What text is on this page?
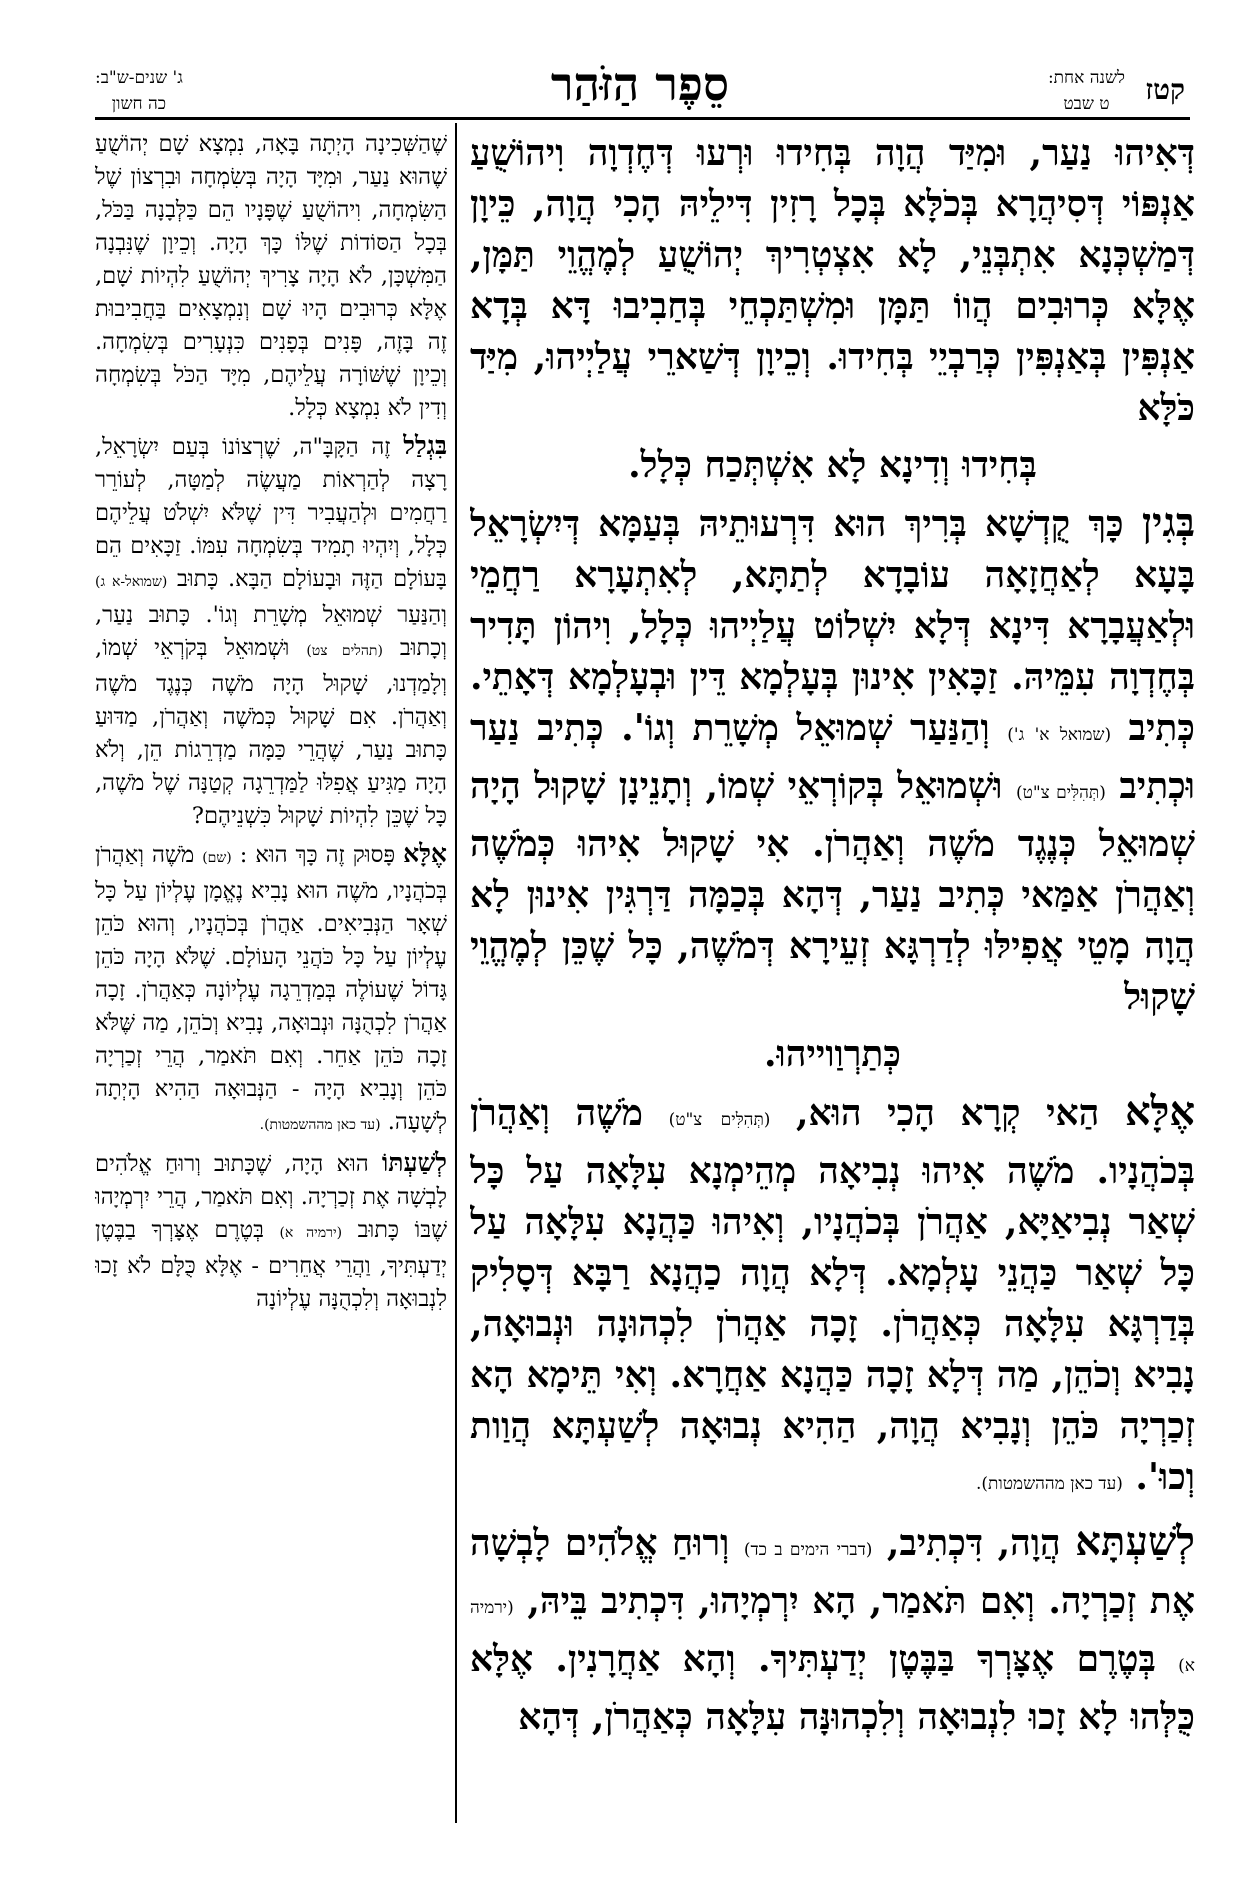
קטז
לשנה אחת:
ט שבט
סֵפֶר הַזֹּהַר
ג' שנים-ש"ב:
כה חשון

דְּאִיהוּ נַעַר, וּמִיַּד הֲוָה בְּחִידוּ וּרְעוּ דְּחֶדְוָה וִיהוֹשֻׁעַ אַנְפּוֹי דְּסִיהֲרָא בְּכֹלָּא בְּכָל רָזִין דִּילֵיהּ הָכִי הֲוָה, כֵּיוָן דְּמַשְׁכְּנָא אִתְבְּנֵי, לָא אִצְטְרִיךְ יְהוֹשֻׁעַ לְמֶהֱוֵי תַּמָּן, אֶלָּא כְּרוּבִים הֲווֹ תַּמָּן וּמִשְׁתַּכְחֵי בְּחַבִיבוּ דָּא בְּדָא אַנְפִּין בְּאַנְפִּין כְּרַבְיֵי בְּחִידוּ. וְכֵיוָן דְּשַׁארֵי עֲלַיְיהוּ, מִיַּד כֹּלָּא

בְּחִידוּ וְדִינָא לָא אִשְׁתְּכַח כְּלָל.

בְּגִין כָּךְ קֻדְשָׁא בְּרִיךְ הוּא דִּרְעוּתֵיהּ בְּעַמָּא דְּיִשְׂרָאֵל בָּעָא לְאַחֲזָאָה עוֹבָדָא לְתַתָּא, לְאִתְעָרָא רַחֲמֵי וּלְאַעֲבָרָא דִּינָא דְּלָא יִשְׁלוֹט עֲלַיְיהוּ כְּלָל, וִיהוֹן תָּדִיר בְּחֶדְוָה עִמֵּיהּ. זַכָּאִין אִינוּן בְּעָלְמָא דֵּין וּבְעָלְמָא דְּאָתֵי. כְּתִיב (שמואל א' ג') וְהַנַּעַר שְׁמוּאֵל מְשָׁרֵת וְגוֹ'. כְּתִיב נַעַר וּכְתִיב (תְּהִלִּים צ"ט) וּשְׁמוּאֵל בְּקוֹרְאֵי שְׁמוֹ, וְתָנֵינָן שָׁקוּל הָיָה שְׁמוּאֵל כְּנֶגֶד מֹשֶׁה וְאַהֲרֹן. אִי שָׁקוּל אִיהוּ כְּמֹשֶׁה וְאַהֲרֹן אַמַּאי כְּתִיב נַעַר, דְּהָא בְּכַמָּה דַּרְגִּין אִינוּן לָא הֲוָה מָטֵי אֲפִילּוּ לְדַרְגָּא זְעֵירָא דְּמֹשֶׁה, כָּל שֶׁכֵּן לְמֶהֱוֵי שָׁקוּל

כְּתַרְוַוייהוּ.

אֶלָּא הַאי קְרָא הָכִי הוּא, (תְּהִלִּים צ"ט) מֹשֶׁה וְאַהֲרֹן בְּכֹהֲנָיו. מֹשֶׁה אִיהוּ נְבִיאָה מְהֵימְנָא עִלָּאָה עַל כָּל שְׁאַר נְבִיאַיָּא, אַהֲרֹן בְּכֹהֲנָיו, וְאִיהוּ כַּהֲנָא עִלָּאָה עַל כָּל שְׁאַר כַּהֲנֵי עָלְמָא. דְּלָא הֲוָה כַהֲנָא רַבָּא דְּסָלִיק בְּדַרְגָּא עִלָּאָה כְּאַהֲרֹן. זָכָה אַהֲרֹן לִכְהוּנָה וּנְבוּאָה, נָבִיא וְכֹהֵן, מַה דְּלָא זָכָה כַּהֲנָא אַחֲרָא. וְאִי תֵּימָא הָא זְכַרְיָה כֹּהֵן וְנָבִיא הֲוָה, הַהִיא נְבוּאָה לְשַׁעְתָּא הֲוַות וְכוּ'. (עד כאן מההשמטות).

לְשַׁעְתָּא הֲוָה, דִּכְתִיב, (דברי הימים ב כד) וְרוּחַ אֱלֹהִים לָבְשָׁה אֶת זְכַרְיָה. וְאִם תֹּאמַר, הָא יִרְמְיָהוּ, דִּכְתִיב בֵּיהּ, (ירמיה א) בְּטֶרֶם אֶצָּרְךָ בַּבֶּטֶן יְדַעְתִּיךָ. וְהָא אַחֲרָנִין. אֶלָּא כֻּלְּהוּ לָא זָכוּ לִנְבוּאָה וְלִכְהוּנָּה עִלָּאָה כְּאַהֲרֹן, דְּהָא

שֶׁהַשְּׁכִינָה הָיְתָה בָּאָה, נִמְצָא שָׁם יְהוֹשֻׁעַ שֶׁהוּא נַעַר, וּמִיָּד הָיָה בְּשִׂמְחָה וּבִרְצוֹן שֶׁל הַשִּׂמְחָה, וִיהוֹשֻׁעַ שֶׁפָּנָיו הֵם כַּלְּבָנָה בַּכֹּל, בְּכָל הַסּוֹדוֹת שֶׁלּוֹ כָּךְ הָיָה. וְכֵיוָן שֶׁנִּבְנָה הַמִּשְׁכָּן, לֹא הָיָה צָרִיךְ יְהוֹשֻׁעַ לִהְיוֹת שָׁם, אֶלָּא כְּרוּבִים הָיוּ שָׁם וְנִמְצָאִים בַּחֲבִיבוּת זֶה בָּזֶה, פָּנִים בְּפָנִים כִּנְעָרִים בְּשִׂמְחָה. וְכֵיוָן שֶׁשּׁוֹרָה עֲלֵיהֶם, מִיָּד הַכֹּל בְּשִׂמְחָה וְדִין לֹא נִמְצָא כְּלָל.

בִּגְלַל זֶה הַקָּבָּ"ה, שֶׁרְצוֹנוֹ בְּעַם יִשְׂרָאֵל, רָצָה לְהַרְאוֹת מַעֲשֶׂה לְמַטָּה, לְעוֹרֵר רַחֲמִים וּלְהַעֲבִיר דִּין שֶׁלֹּא יִשְׁלֹט עֲלֵיהֶם כְּלָל, וְיִהְיוּ תָמִיד בְּשִׂמְחָה עִמּוֹ. זַכָּאִים הֵם בָּעוֹלָם הַזֶּה וּבָעוֹלָם הַבָּא. כָּתוּב (שמואל-א ג) וְהַנַּעַר שְׁמוּאֵל מְשָׁרֵת וְגוֹ'. כָּתוּב נַעַר, וְכָתוּב (תהלים צט) וּשְׁמוּאֵל בְּקֹרְאֵי שְׁמוֹ, וְלָמַדְנוּ, שָׁקוּל הָיָה מֹשֶׁה כְּנֶגֶד מֹשֶׁה וְאַהֲרֹן. אִם שָׁקוּל כְּמֹשֶׁה וְאַהֲרֹן, מַדּוּעַ כָּתוּב נַעַר, שֶׁהֲרֵי כַּמָּה מַדְרֵגוֹת הֵן, וְלֹא הָיָה מַגִּיעַ אֲפִלּוּ לַמַּדְרֵגָה קְטַנָּה שֶׁל מֹשֶׁה, כָּל שֶׁכֵּן לִהְיוֹת שָׁקוּל כִּשְׁנֵיהֶם?

אֶלָּא פָּסוּק זֶה כָּךְ הוּא : (שם) מֹשֶׁה וְאַהֲרֹן בְּכֹהֲנָיו, מֹשֶׁה הוּא נָבִיא נֶאֱמָן עֶלְיוֹן עַל כָּל שְׁאָר הַנְּבִיאִים. אַהֲרֹן בְּכֹהֲנָיו, וְהוּא כֹּהֵן עֶלְיוֹן עַל כָּל כֹּהֲנֵי הָעוֹלָם. שֶׁלֹּא הָיָה כֹּהֵן גָּדוֹל שֶׁעוֹלֶה בְּמַדְרֵגָה עֶלְיוֹנָה כְּאַהֲרֹן. זָכָה אַהֲרֹן לִכְהֻנָּה וּנְבוּאָה, נָבִיא וְכֹהֵן, מַה שֶּׁלֹּא זָכָה כֹּהֵן אַחֵר. וְאִם תֹּאמַר, הֲרֵי זְכַרְיָה כֹּהֵן וְנָבִיא הָיָה - הַנְּבוּאָה הַהִיא הָיְתָה לְשָׁעָה. (עד כאן מההשמטות).

לְשַׁעְתּוֹ הוּא הָיָה, שֶׁכָּתוּב וְרוּחַ אֱלֹהִים לָבְשָׁה אֶת זְכַרְיָה. וְאִם תֹּאמַר, הֲרֵי יִרְמְיָהוּ שֶׁבּוֹ כָּתוּב (ירמיה א) בְּטֶרֶם אֶצָּרְךָ בַבֶּטֶן יְדַעְתִּיךָ, וַהֲרֵי אֲחֵרִים - אֶלָּא כֻּלָּם לֹא זָכוּ לִנְבוּאָה וְלִכְהֻנָּה עֶלְיוֹנָה
